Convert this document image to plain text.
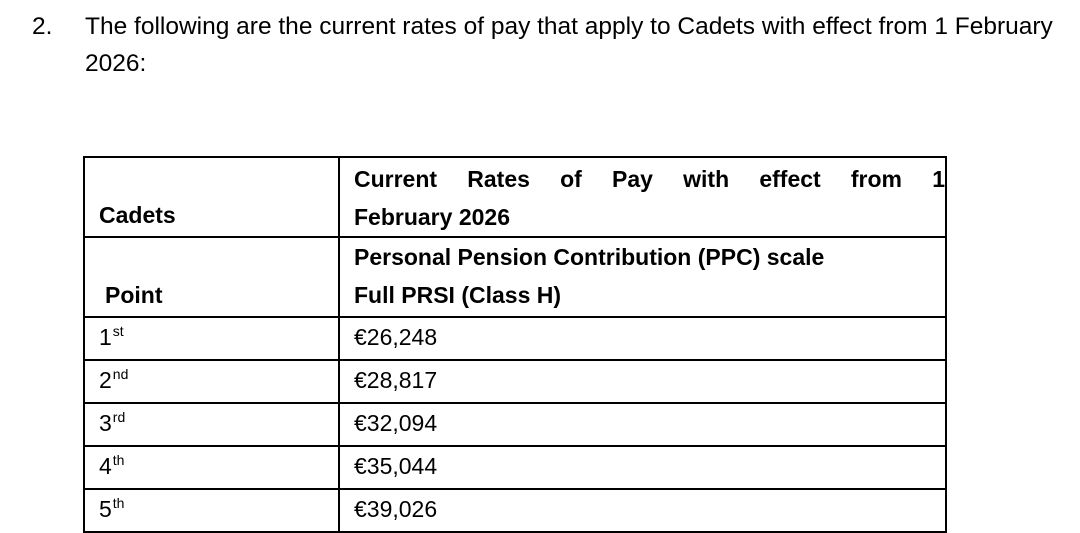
2. The following are the current rates of pay that apply to Cadets with effect from 1 February 2026:
Cadets	Current Rates of Pay with effect from 1
February 2026

Point	Personal Pension Contribution (PPC) scale
Full PRSI (Class H)
1st	€26,248
2nd	€28,817
3rd	€32,094
4th	€35,044
5th	€39,026
